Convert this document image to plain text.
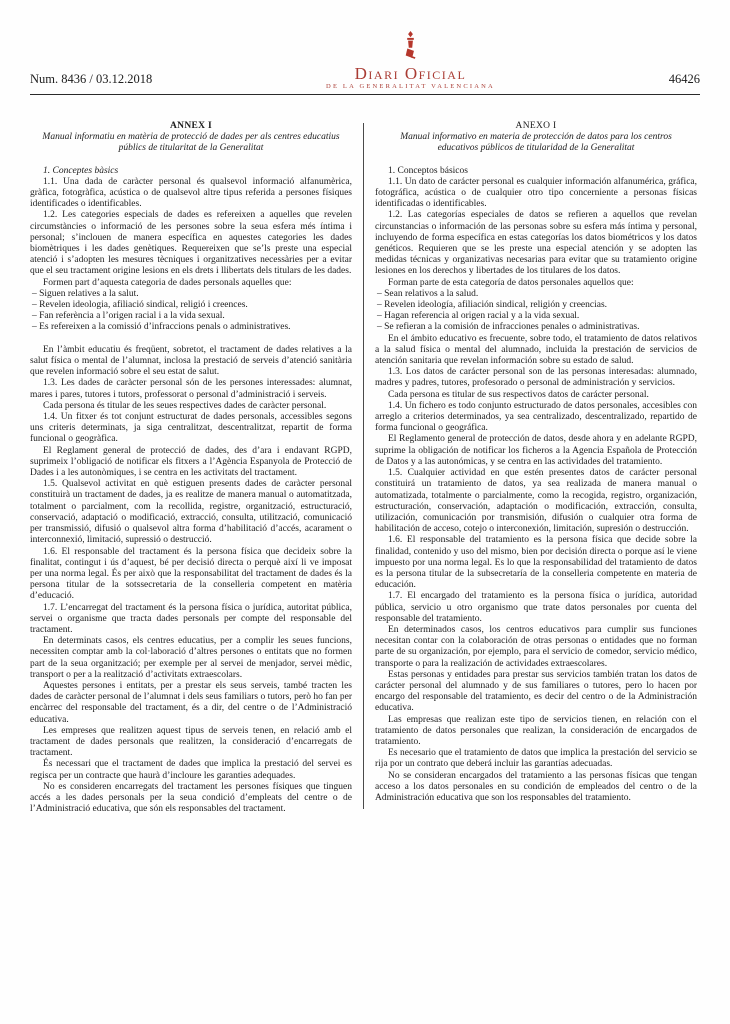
Num. 8436 / 03.12.2018	Diari Oficial
DE LA GENERALITAT VALENCIANA
46426
ANNEX I
Manual informatiu en matèria de protecció de dades per als centres educatius públics de titularitat de la Generalitat

1. Conceptes bàsics

1.1. Una dada de caràcter personal és qualsevol informació alfanumèrica, gràfica, fotogràfica, acústica o de qualsevol altre tipus referida a persones físiques identificades o identificables.

1.2. Les categories especials de dades es refereixen a aquelles que revelen circumstàncies o informació de les persones sobre la seua esfera més íntima i personal; s’inclouen de manera específica en aquestes categories les dades biomètriques i les dades genètiques. Requereixen que se’ls preste una especial atenció i s’adopten les mesures tècniques i organitzatives necessàries per a evitar que el seu tractament origine lesions en els drets i llibertats dels titulars de les dades.

Formen part d’aquesta categoria de dades personals aquelles que:

– Siguen relatives a la salut.

– Revelen ideologia, afiliació sindical, religió i creences.

– Fan referència a l’origen racial i a la vida sexual.

– Es refereixen a la comissió d’infraccions penals o administratives.

En l’àmbit educatiu és freqüent, sobretot, el tractament de dades relatives a la salut física o mental de l’alumnat, inclosa la prestació de serveis d’atenció sanitària que revelen informació sobre el seu estat de salut.

1.3. Les dades de caràcter personal són de les persones interessades: alumnat, mares i pares, tutores i tutors, professorat o personal d’administració i serveis.

Cada persona és titular de les seues respectives dades de caràcter personal.

1.4. Un fitxer és tot conjunt estructurat de dades personals, accessibles segons uns criteris determinats, ja siga centralitzat, descentralitzat, repartit de forma funcional o geogràfica.

El Reglament general de protecció de dades, des d’ara i endavant RGPD, suprimeix l’obligació de notificar els fitxers a l’Agència Espanyola de Protecció de Dades i a les autonòmiques, i se centra en les activitats del tractament.

1.5. Qualsevol activitat en què estiguen presents dades de caràcter personal constituirà un tractament de dades, ja es realitze de manera manual o automatitzada, totalment o parcialment, com la recollida, registre, organització, estructuració, conservació, adaptació o modificació, extracció, consulta, utilització, comunicació per transmissió, difusió o qualsevol altra forma d’habilitació d’accés, acarament o interconnexió, limitació, supressió o destrucció.

1.6. El responsable del tractament és la persona física que decideix sobre la finalitat, contingut i ús d’aquest, bé per decisió directa o perquè així li ve imposat per una norma legal. És per això que la responsabilitat del tractament de dades és la persona titular de la sotssecretaria de la conselleria competent en matèria d’educació.

1.7. L’encarregat del tractament és la persona física o jurídica, autoritat pública, servei o organisme que tracta dades personals per compte del responsable del tractament.

En determinats casos, els centres educatius, per a complir les seues funcions, necessiten comptar amb la col·laboració d’altres persones o entitats que no formen part de la seua organització; per exemple per al servei de menjador, servei mèdic, transport o per a la realització d’activitats extraescolars.

Aquestes persones i entitats, per a prestar els seus serveis, també tracten les dades de caràcter personal de l’alumnat i dels seus familiars o tutors, però ho fan per encàrrec del responsable del tractament, és a dir, del centre o de l’Administració educativa.

Les empreses que realitzen aquest tipus de serveis tenen, en relació amb el tractament de dades personals que realitzen, la consideració d’encarregats de tractament.

És necessari que el tractament de dades que implica la prestació del servei es regisca per un contracte que haurà d’incloure les garanties adequades.

No es consideren encarregats del tractament les persones físiques que tinguen accés a les dades personals per la seua condició d’empleats del centre o de l’Administració educativa, que són els responsables del tractament.

ANEXO I
Manual informativo en materia de protección de datos para los centros educativos públicos de titularidad de la Generalitat

1. Conceptos básicos

1.1. Un dato de carácter personal es cualquier información alfanumérica, gráfica, fotográfica, acústica o de cualquier otro tipo concerniente a personas físicas identificadas o identificables.

1.2. Las categorías especiales de datos se refieren a aquellos que revelan circunstancias o información de las personas sobre su esfera más íntima y personal, incluyendo de forma específica en estas categorías los datos biométricos y los datos genéticos. Requieren que se les preste una especial atención y se adopten las medidas técnicas y organizativas necesarias para evitar que su tratamiento origine lesiones en los derechos y libertades de los titulares de los datos.

Forman parte de esta categoría de datos personales aquellos que:

– Sean relativos a la salud.

– Revelen ideología, afiliación sindical, religión y creencias.

– Hagan referencia al origen racial y a la vida sexual.

– Se refieran a la comisión de infracciones penales o administrativas.

En el ámbito educativo es frecuente, sobre todo, el tratamiento de datos relativos a la salud física o mental del alumnado, incluida la prestación de servicios de atención sanitaria que revelan información sobre su estado de salud.

1.3. Los datos de carácter personal son de las personas interesadas: alumnado, madres y padres, tutores, profesorado o personal de administración y servicios.

Cada persona es titular de sus respectivos datos de carácter personal.

1.4. Un fichero es todo conjunto estructurado de datos personales, accesibles con arreglo a criterios determinados, ya sea centralizado, descentralizado, repartido de forma funcional o geográfica.

El Reglamento general de protección de datos, desde ahora y en adelante RGPD, suprime la obligación de notificar los ficheros a la Agencia Española de Protección de Datos y a las autonómicas, y se centra en las actividades del tratamiento.

1.5. Cualquier actividad en que estén presentes datos de carácter personal constituirá un tratamiento de datos, ya sea realizada de manera manual o automatizada, totalmente o parcialmente, como la recogida, registro, organización, estructuración, conservación, adaptación o modificación, extracción, consulta, utilización, comunicación por transmisión, difusión o cualquier otra forma de habilitación de acceso, cotejo o interconexión, limitación, supresión o destrucción.

1.6. El responsable del tratamiento es la persona física que decide sobre la finalidad, contenido y uso del mismo, bien por decisión directa o porque así le viene impuesto por una norma legal. Es lo que la responsabilidad del tratamiento de datos es la persona titular de la subsecretaría de la conselleria competente en materia de educación.

1.7. El encargado del tratamiento es la persona física o jurídica, autoridad pública, servicio u otro organismo que trate datos personales por cuenta del responsable del tratamiento.

En determinados casos, los centros educativos para cumplir sus funciones necesitan contar con la colaboración de otras personas o entidades que no forman parte de su organización, por ejemplo, para el servicio de comedor, servicio médico, transporte o para la realización de actividades extraescolares.

Estas personas y entidades para prestar sus servicios también tratan los datos de carácter personal del alumnado y de sus familiares o tutores, pero lo hacen por encargo del responsable del tratamiento, es decir del centro o de la Administración educativa.

Las empresas que realizan este tipo de servicios tienen, en relación con el tratamiento de datos personales que realizan, la consideración de encargados de tratamiento.

Es necesario que el tratamiento de datos que implica la prestación del servicio se rija por un contrato que deberá incluir las garantías adecuadas.

No se consideran encargados del tratamiento a las personas físicas que tengan acceso a los datos personales en su condición de empleados del centro o de la Administración educativa que son los responsables del tratamiento.
